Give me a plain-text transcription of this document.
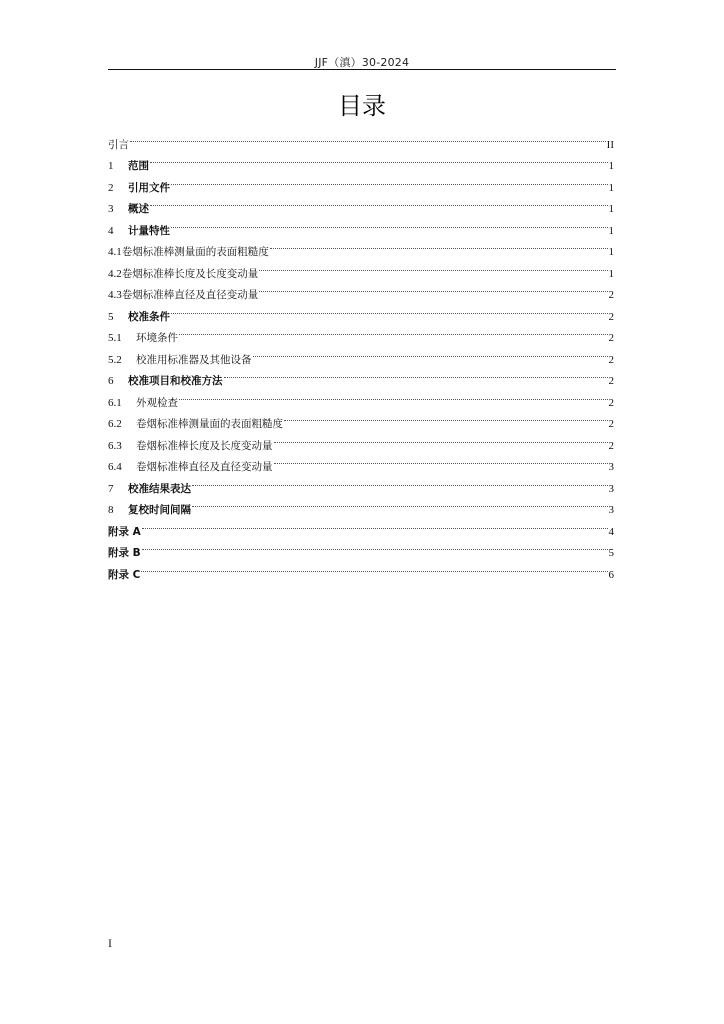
JJF（滇）30-2024
目录
引言	II
1 范围	1
2 引用文件	1
3 概述	1
4 计量特性	1
4.1卷烟标准棒测量面的表面粗糙度	1
4.2卷烟标准棒长度及长度变动量	1
4.3卷烟标准棒直径及直径变动量	2
5 校准条件	2
5.1 环境条件	2
5.2 校准用标准器及其他设备	2
6 校准项目和校准方法	2
6.1 外观检查	2
6.2 卷烟标准棒测量面的表面粗糙度	2
6.3 卷烟标准棒长度及长度变动量	2
6.4 卷烟标准棒直径及直径变动量	3
7 校准结果表达	3
8 复校时间间隔	3
附录 A	4
附录 B	5
附录 C	6
I
